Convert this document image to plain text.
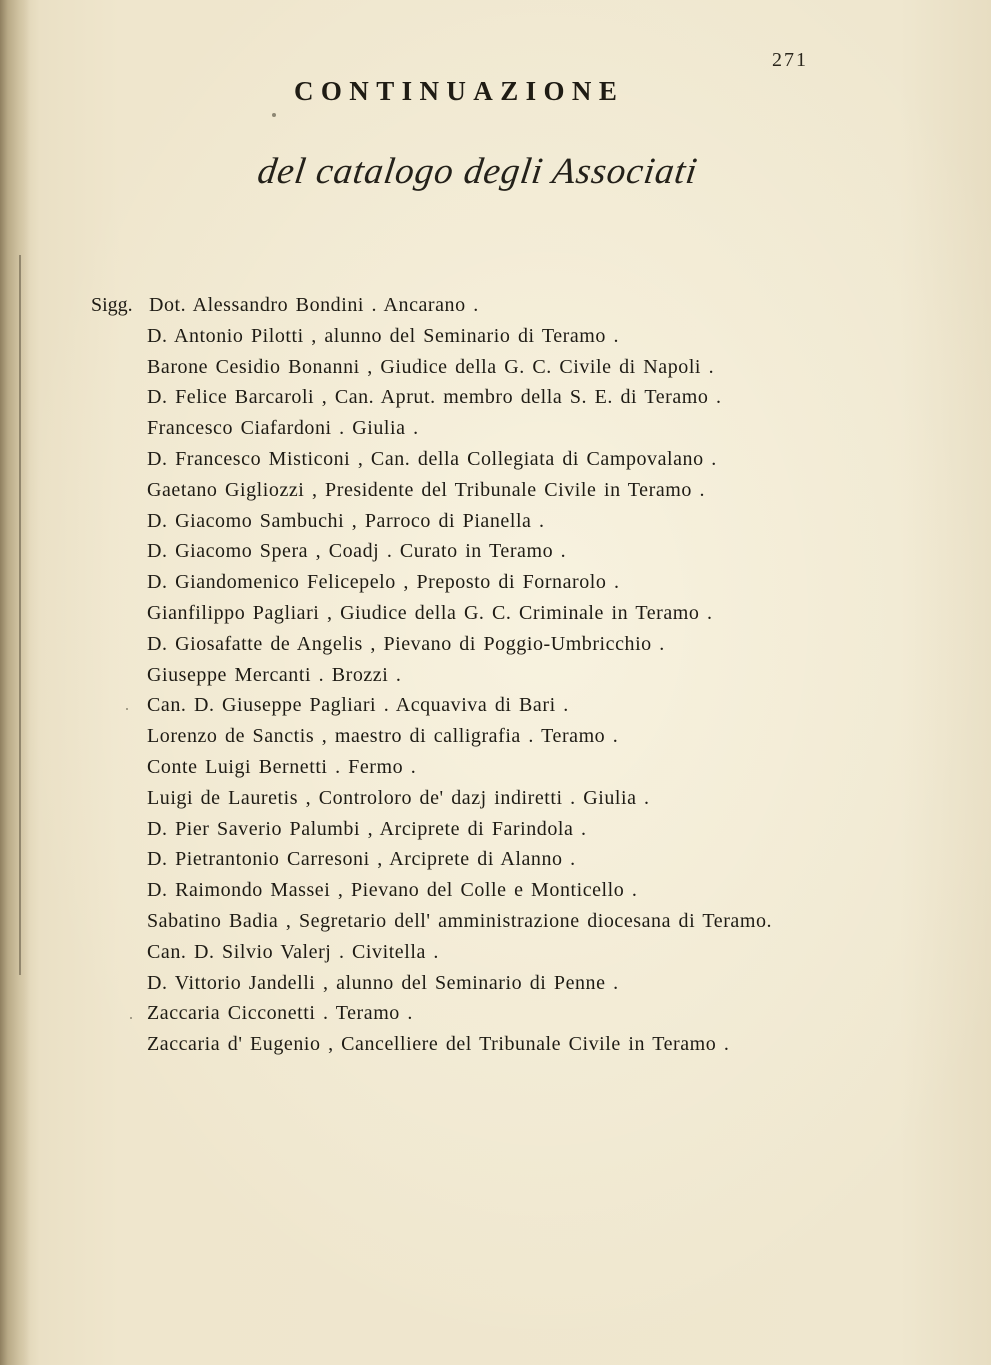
271
CONTINUAZIONE
del catalogo degli Associati
Sigg. Dot. Alessandro Bondini . Ancarano .
D. Antonio Pilotti , alunno del Seminario di Teramo .
Barone Cesidio Bonanni , Giudice della G. C. Civile di Napoli .
D. Felice Barcaroli , Can. Aprut. membro della S. E. di Teramo .
Francesco Ciafardoni . Giulia .
D. Francesco Misticoni , Can. della Collegiata di Campovalano .
Gaetano Gigliozzi , Presidente del Tribunale Civile in Teramo .
D. Giacomo Sambuchi , Parroco di Pianella .
D. Giacomo Spera , Coadj . Curato in Teramo .
D. Giandomenico Felicepelo , Preposto di Fornarolo .
Gianfilippo Pagliari , Giudice della G. C. Criminale in Teramo .
D. Giosafatte de Angelis , Pievano di Poggio-Umbricchio .
Giuseppe Mercanti . Brozzi .
Can. D. Giuseppe Pagliari . Acquaviva di Bari .
Lorenzo de Sanctis , maestro di calligrafia . Teramo .
Conte Luigi Bernetti . Fermo .
Luigi de Lauretis , Controloro de' dazj indiretti . Giulia .
D. Pier Saverio Palumbi , Arciprete di Farindola .
D. Pietrantonio Carresoni , Arciprete di Alanno .
D. Raimondo Massei , Pievano del Colle e Monticello .
Sabatino Badia , Segretario dell' amministrazione diocesana di Teramo.
Can. D. Silvio Valerj . Civitella .
D. Vittorio Jandelli , alunno del Seminario di Penne .
Zaccaria Cicconetti . Teramo .
Zaccaria d' Eugenio , Cancelliere del Tribunale Civile in Teramo .
